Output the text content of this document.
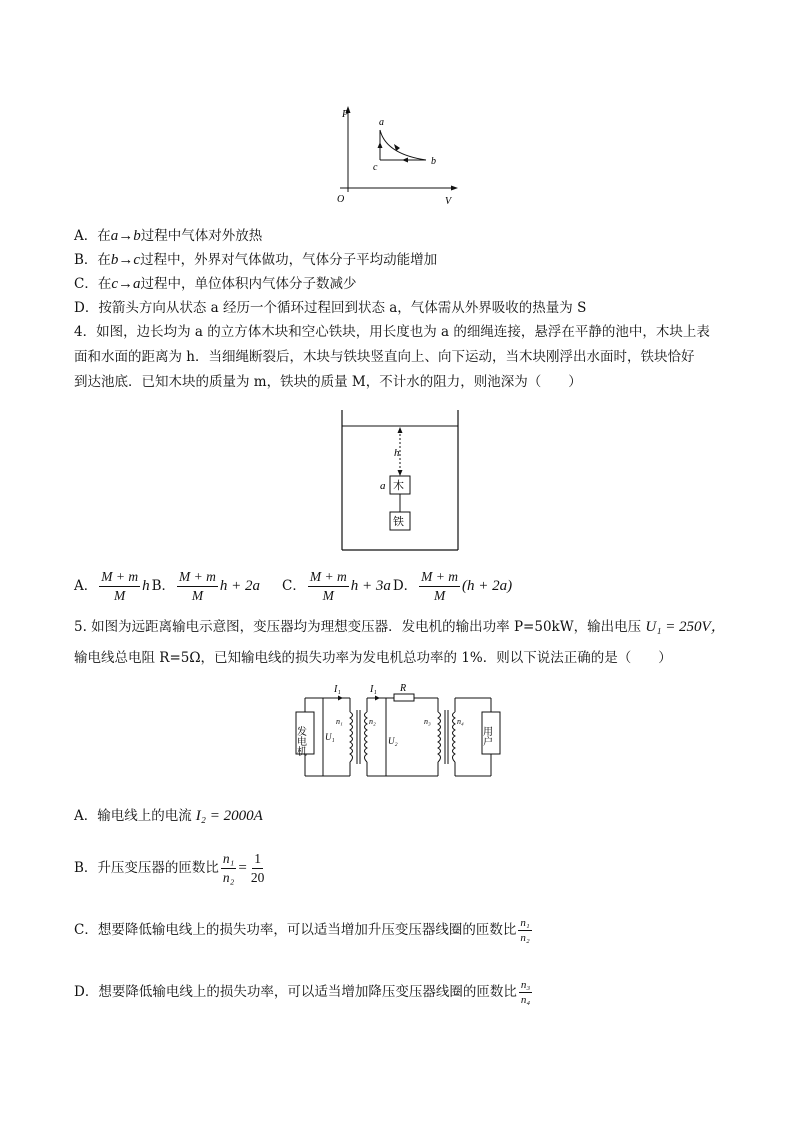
P
V
O
a
b
c
A．在a→b过程中气体对外放热
B．在b→c过程中，外界对气体做功，气体分子平均动能增加
C．在c→a过程中，单位体积内气体分子数减少
D．按箭头方向从状态 a 经历一个循环过程回到状态 a，气体需从外界吸收的热量为 S
4．如图，边长均为 a 的立方体木块和空心铁块，用长度也为 a 的细绳连接，悬浮在平静的池中，木块上表
面和水面的距离为 h．当细绳断裂后，木块与铁块竖直向上、向下运动，当木块刚浮出水面时，铁块恰好
到达池底．已知木块的质量为 m，铁块的质量 M，不计水的阻力，则池深为（　　）
h
木
a
铁
A． $\frac{M + m}{M}$ h B． $\frac{M + m}{M}$ h + 2a C． $\frac{M + m}{M}$ h + 3a D． $\frac{M + m}{M} (h + 2a)$
5. 如图为远距离输电示意图，变压器均为理想变压器．发电机的输出功率 P=50kW，输出电压 U₁ = 250V，
输电线总电阻 R=5Ω，已知输电线的损失功率为发电机总功率的 1%．则以下说法正确的是（　　）
发电机	用户
I₁	I₁ R
n₁	n₂	n₃	n₄
U₁	U₂
A．输电线上的电流 I₂ = 2000A
B．升压变压器的匝数比 $\frac{\text{n₁}}{\text{n₂}} = \frac{1}{20}$
C．想要降低输电线上的损失功率，可以适当增加升压变压器线圈的匝数比 $\frac{\text{n₁}}{\text{n₂}}$
D．想要降低输电线上的损失功率，可以适当增加降压变压器线圈的匝数比 $\frac{\text{n₃}}{\text{n₄}}$
